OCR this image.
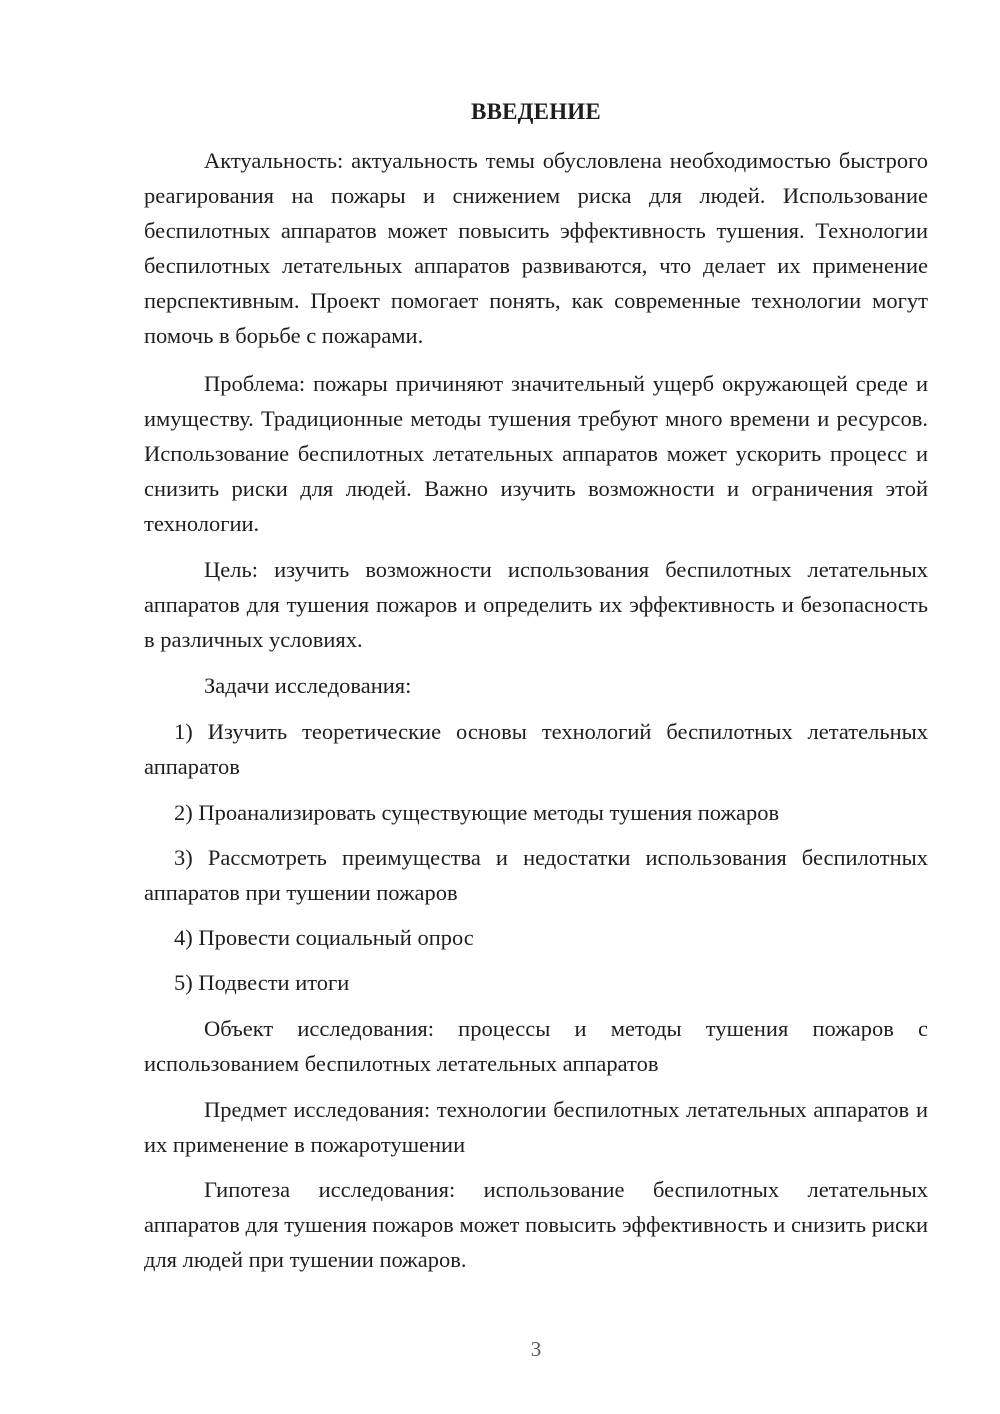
ВВЕДЕНИЕ

Актуальность: актуальность темы обусловлена необходимостью быстрого реагирования на пожары и снижением риска для людей. Использование беспилотных аппаратов может повысить эффективность тушения. Технологии беспилотных летательных аппаратов развиваются, что делает их применение перспективным. Проект помогает понять, как современные технологии могут помочь в борьбе с пожарами.

Проблема: пожары причиняют значительный ущерб окружающей среде и имуществу. Традиционные методы тушения требуют много времени и ресурсов. Использование беспилотных летательных аппаратов может ускорить процесс и снизить риски для людей. Важно изучить возможности и ограничения этой технологии.

Цель: изучить возможности использования беспилотных летательных аппаратов для тушения пожаров и определить их эффективность и безопасность в различных условиях.

Задачи исследования:

1) Изучить теоретические основы технологий беспилотных летательных аппаратов

2) Проанализировать существующие методы тушения пожаров

3) Рассмотреть преимущества и недостатки использования беспилотных аппаратов при тушении пожаров

4) Провести социальный опрос

5) Подвести итоги

Объект исследования: процессы и методы тушения пожаров с использованием беспилотных летательных аппаратов

Предмет исследования: технологии беспилотных летательных аппаратов и их применение в пожаротушении

Гипотеза исследования: использование беспилотных летательных аппаратов для тушения пожаров может повысить эффективность и снизить риски для людей при тушении пожаров.

3
